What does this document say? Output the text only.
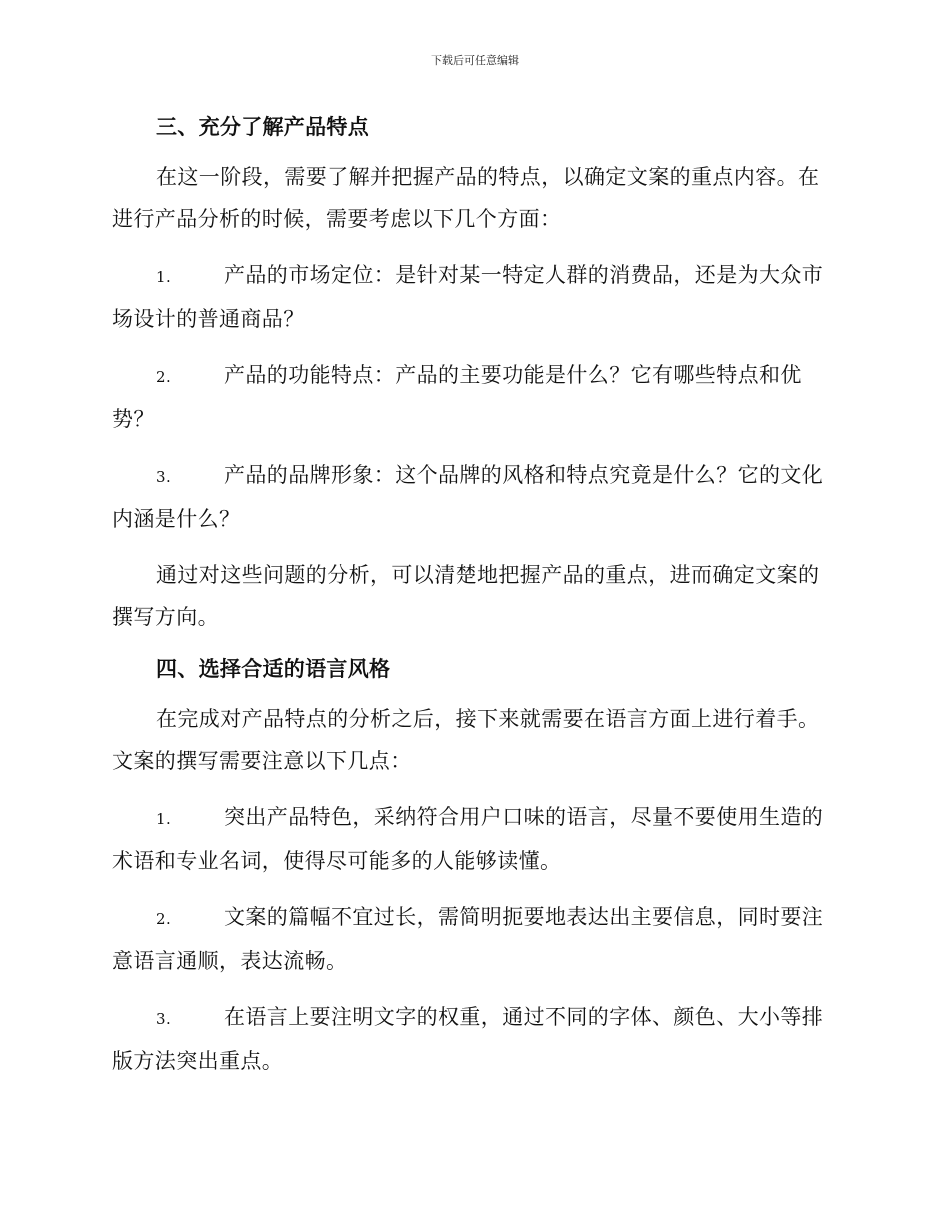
下载后可任意编辑
三、充分了解产品特点

在这一阶段，需要了解并把握产品的特点，以确定文案的重点内容。在进行产品分析的时候，需要考虑以下几个方面：

1.	产品的市场定位：是针对某一特定人群的消费品，还是为大众市场设计的普通商品？

2.	产品的功能特点：产品的主要功能是什么？它有哪些特点和优势？

3.	产品的品牌形象：这个品牌的风格和特点究竟是什么？它的文化内涵是什么？

通过对这些问题的分析，可以清楚地把握产品的重点，进而确定文案的撰写方向。

四、选择合适的语言风格

在完成对产品特点的分析之后，接下来就需要在语言方面上进行着手。文案的撰写需要注意以下几点：

1.	突出产品特色，采纳符合用户口味的语言，尽量不要使用生造的术语和专业名词，使得尽可能多的人能够读懂。

2.	文案的篇幅不宜过长，需简明扼要地表达出主要信息，同时要注意语言通顺，表达流畅。

3.	在语言上要注明文字的权重，通过不同的字体、颜色、大小等排版方法突出重点。
